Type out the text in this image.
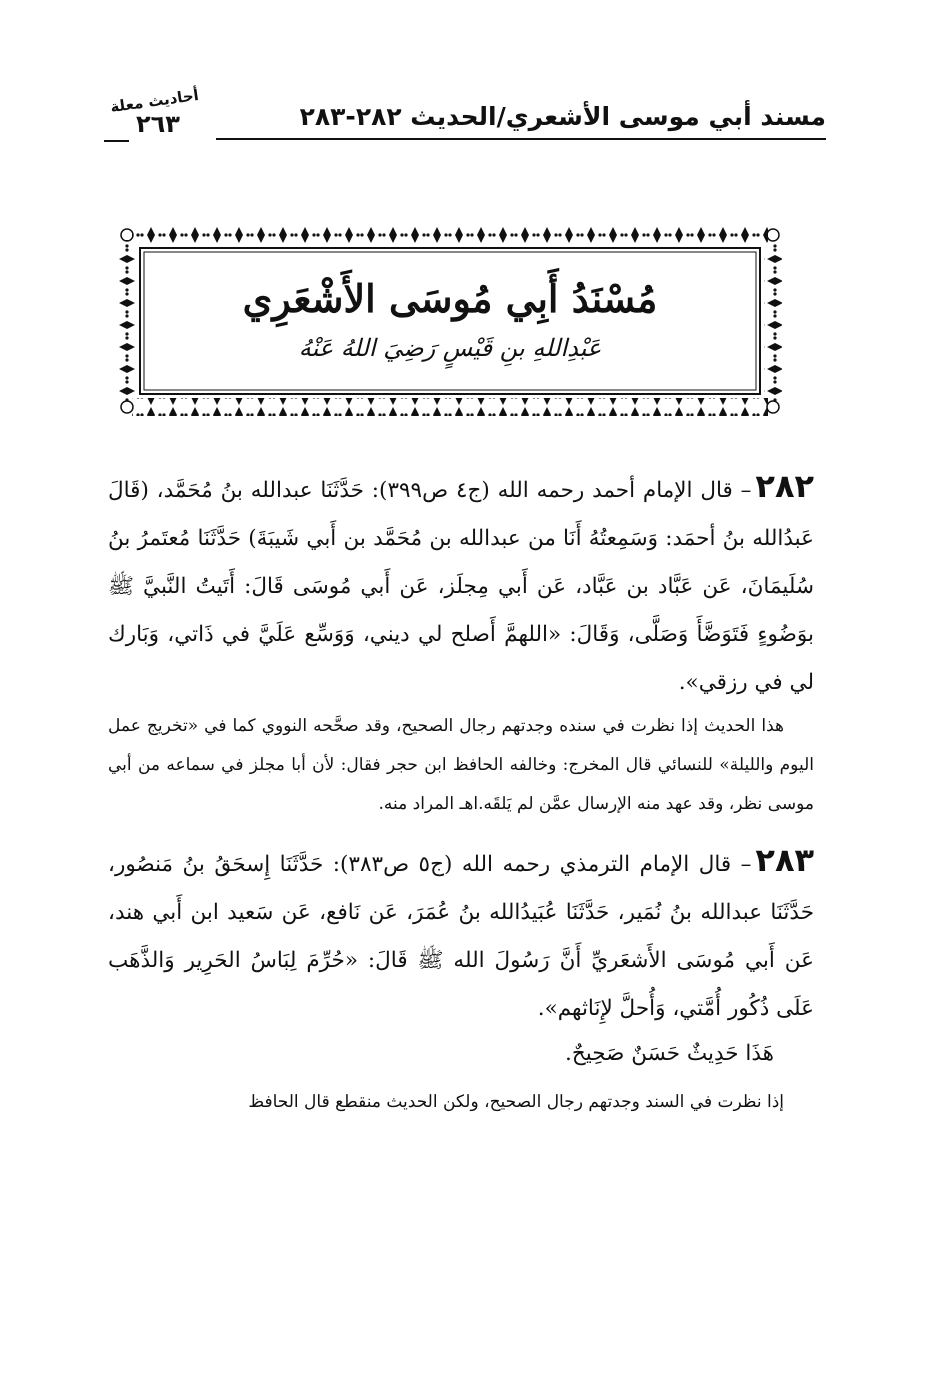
مسند أبي موسى الأشعري/الحديث ٢٨٢-٢٨٣
أحاديث معلة
٢٦٣
مُسْنَدُ أَبِي مُوسَى الأَشْعَرِي
عَبْدِاللهِ بنِ قَيْسٍ رَضِيَ اللهُ عَنْهُ

٢٨٢– قال الإمام أحمد رحمه الله (ج٤ ص٣٩٩): حَدَّثَنَا عبدالله بنُ مُحَمَّد، (قَالَ عَبدُالله بنُ أحمَد: وَسَمِعتُهُ أَنَا من عبدالله بن مُحَمَّد بن أَبي شَيبَةَ) حَدَّثَنَا مُعتَمرُ بنُ سُلَيمَانَ، عَن عَبَّاد بن عَبَّاد، عَن أَبي مِجلَز، عَن أَبي مُوسَى قَالَ: أَتَيتُ النَّبيَّ ﷺ بوَضُوءٍ فَتَوَضَّأَ وَصَلَّى، وَقَالَ: «اللهمَّ أَصلح لي ديني، وَوَسِّع عَلَيَّ في ذَاتي، وَبَارك لي في رزقي».

هذا الحديث إذا نظرت في سنده وجدتهم رجال الصحيح، وقد صحَّحه النووي كما في «تخريج عمل اليوم والليلة» للنسائي قال المخرج: وخالفه الحافظ ابن حجر فقال: لأن أبا مجلز في سماعه من أبي موسى نظر، وقد عهد منه الإرسال عمَّن لم يَلقَه.اهـ المراد منه.

٢٨٣– قال الإمام الترمذي رحمه الله (ج٥ ص٣٨٣): حَدَّثَنَا إِسحَقُ بنُ مَنصُور، حَدَّثَنَا عبدالله بنُ نُمَير، حَدَّثَنَا عُبَيدُالله بنُ عُمَرَ، عَن نَافع، عَن سَعيد ابن أَبي هند، عَن أَبي مُوسَى الأَشعَريِّ أَنَّ رَسُولَ الله ﷺ قَالَ: «حُرِّمَ لِبَاسُ الحَرِير وَالذَّهَب عَلَى ذُكُور أُمَّتي، وَأُحلَّ لإِنَاثهم».

هَذَا حَدِيثٌ حَسَنٌ صَحِيحٌ.

إذا نظرت في السند وجدتهم رجال الصحيح، ولكن الحديث منقطع قال الحافظ
